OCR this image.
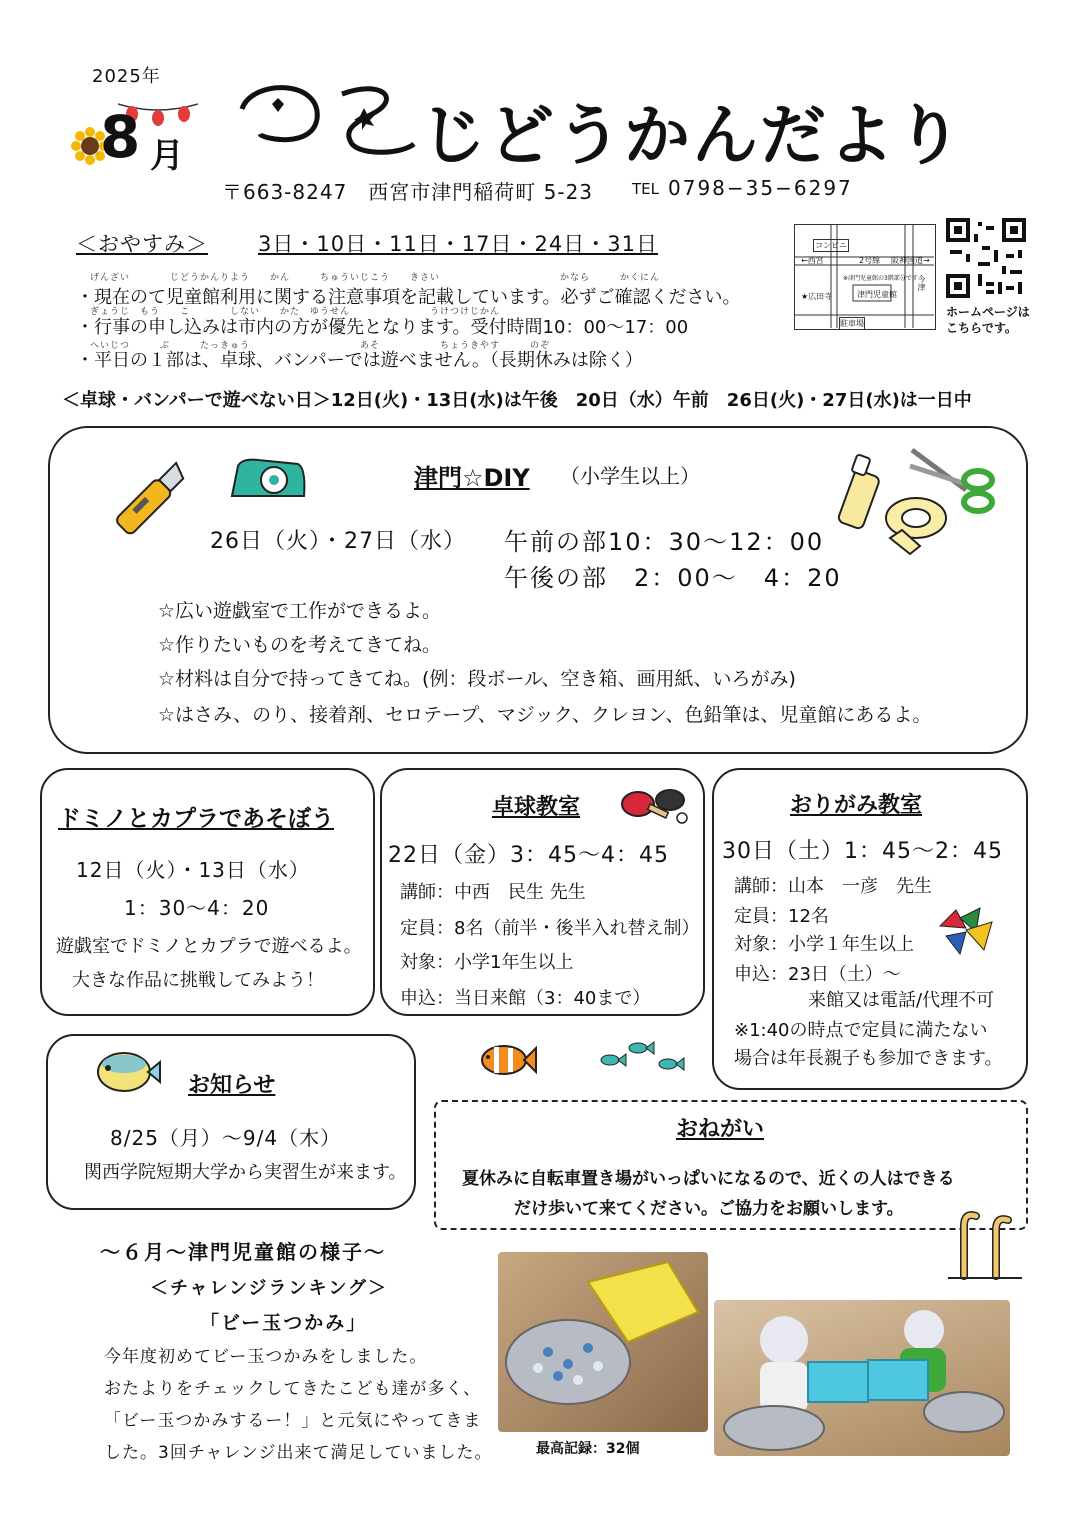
2025年
8 月	じどうかんだより
〒663-8247　西宮市津門稲荷町 5-23	TEL 0798−35−6297
＜おやすみ＞ 3日・10日・11日・17日・24日・31日
げんざい　　　　じどうかんりよう　　かん　　　ちゅういじこう　　きさい　　　　　　　　　　　　かなら　　　かくにん
・現在のて児童館利用に関する注意事項を記載しています。必ずご確認ください。
ぎょうじ　もう　　こ　　　　しない　　かた　ゆうせん　　　　　　　　うけつけじかん
・行事の申し込みは市内の方が優先となります。受付時間10：00〜17：00
へいじつ　　　ぶ　　　たっきゅう　　　　　　　　　　　あそ　　　　　　ちょうきやす　　　のぞ
・平日の１部は、卓球、バンパーでは遊べません。（長期休みは除く）
コンビニ
←西宮	2号線 阪神国道→
※津門児童館の3階部分です
津門児童館
★広田寺
駐車場
今津
ホームページは
こちらです。
＜卓球・バンパーで遊べない日＞12日(火)・13日(水)は午後　20日（水）午前　26日(火)・27日(水)は一日中
津門☆DIY （小学生以上）
26日（火）・27日（水） 午前の部10：30〜12：00
午後の部　2：00〜　4：20
☆広い遊戯室で工作ができるよ。
☆作りたいものを考えてきてね。
☆材料は自分で持ってきてね。(例：段ボール、空き箱、画用紙、いろがみ)
☆はさみ、のり、接着剤、セロテープ、マジック、クレヨン、色鉛筆は、児童館にあるよ。
ドミノとカプラであそぼう
12日（火）・13日（水）
1：30〜4：20
遊戯室でドミノとカプラで遊べるよ。
大きな作品に挑戦してみよう！
卓球教室
22日（金）3：45〜4：45
講師：中西　民生 先生
定員：8名（前半・後半入れ替え制）
対象：小学1年生以上
申込：当日来館（3：40まで）
おりがみ教室
30日（土）1：45〜2：45
講師：山本　一彦　先生
定員：12名
対象：小学１年生以上
申込：23日（土）〜
来館又は電話/代理不可
※1:40の時点で定員に満たない
場合は年長親子も参加できます。
お知らせ
8/25（月）〜9/4（木）
関西学院短期大学から実習生が来ます。
おねがい
夏休みに自転車置き場がいっぱいになるので、近くの人はできる
だけ歩いて来てください。ご協力をお願いします。
〜６月〜津門児童館の様子〜
＜チャレンジランキング＞
「ビー玉つかみ」
今年度初めてビー玉つかみをしました。
おたよりをチェックしてきたこども達が多く、
「ビー玉つかみするー！」と元気にやってきま
した。3回チャレンジ出来て満足していました。	最高記録：32個
